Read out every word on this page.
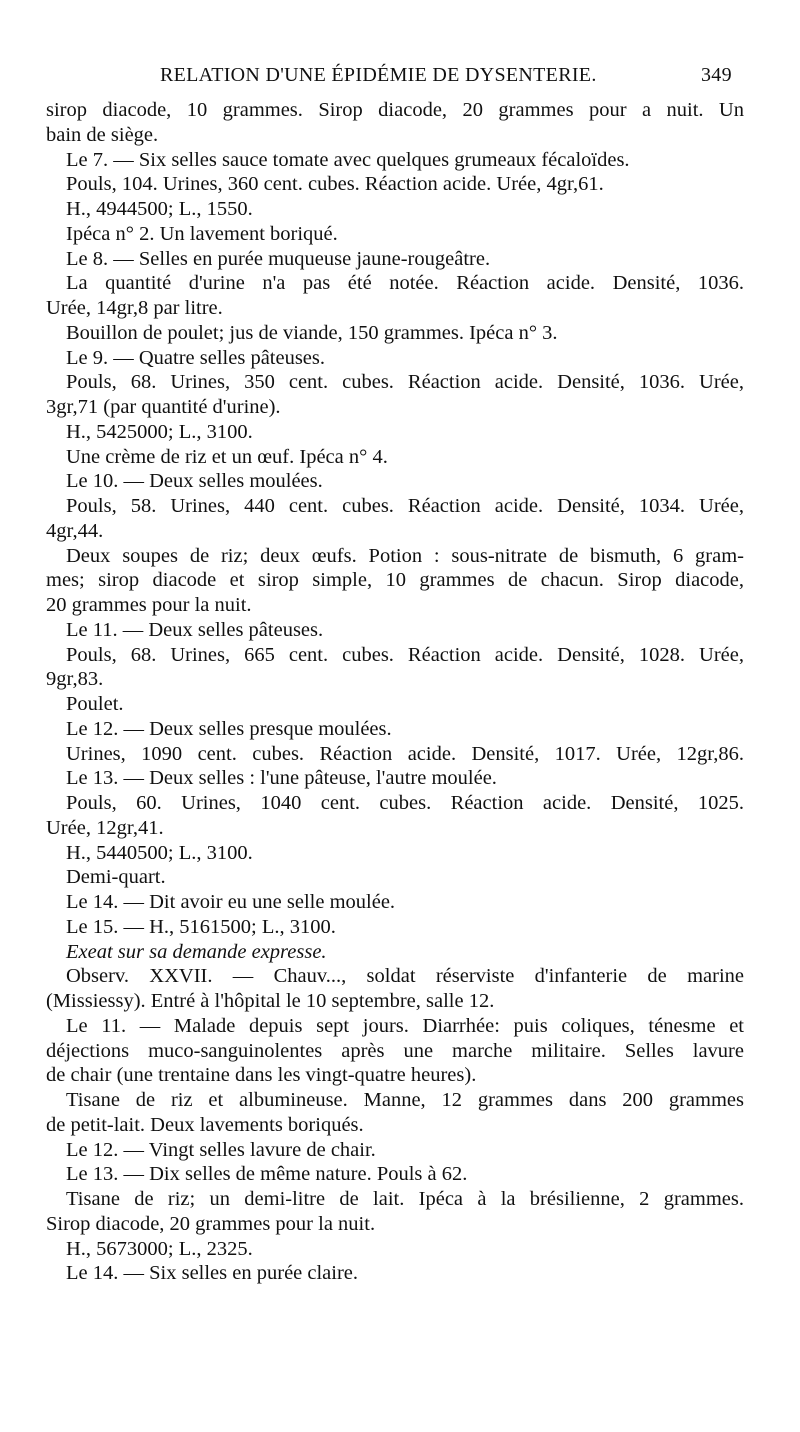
RELATION D'UNE ÉPIDÉMIE DE DYSENTERIE.	349
sirop diacode, 10 grammes. Sirop diacode, 20 grammes pour a nuit. Un
bain de siège.
Le 7. — Six selles sauce tomate avec quelques grumeaux fécaloïdes.
Pouls, 104. Urines, 360 cent. cubes. Réaction acide. Urée, 4gr,61.
H., 4944500; L., 1550.
Ipéca n° 2. Un lavement boriqué.
Le 8. — Selles en purée muqueuse jaune-rougeâtre.
La quantité d'urine n'a pas été notée. Réaction acide. Densité, 1036.
Urée, 14gr,8 par litre.
Bouillon de poulet; jus de viande, 150 grammes. Ipéca n° 3.
Le 9. — Quatre selles pâteuses.
Pouls, 68. Urines, 350 cent. cubes. Réaction acide. Densité, 1036. Urée,
3gr,71 (par quantité d'urine).
H., 5425000; L., 3100.
Une crème de riz et un œuf. Ipéca n° 4.
Le 10. — Deux selles moulées.
Pouls, 58. Urines, 440 cent. cubes. Réaction acide. Densité, 1034. Urée,
4gr,44.
Deux soupes de riz; deux œufs. Potion : sous-nitrate de bismuth, 6 gram-
mes; sirop diacode et sirop simple, 10 grammes de chacun. Sirop diacode,
20 grammes pour la nuit.
Le 11. — Deux selles pâteuses.
Pouls, 68. Urines, 665 cent. cubes. Réaction acide. Densité, 1028. Urée,
9gr,83.
Poulet.
Le 12. — Deux selles presque moulées.
Urines, 1090 cent. cubes. Réaction acide. Densité, 1017. Urée, 12gr,86.
Le 13. — Deux selles : l'une pâteuse, l'autre moulée.
Pouls, 60. Urines, 1040 cent. cubes. Réaction acide. Densité, 1025.
Urée, 12gr,41.
H., 5440500; L., 3100.
Demi-quart.
Le 14. — Dit avoir eu une selle moulée.
Le 15. — H., 5161500; L., 3100.
Exeat sur sa demande expresse.
Observ. XXVII. — Chauv..., soldat réserviste d'infanterie de marine
(Missiessy). Entré à l'hôpital le 10 septembre, salle 12.
Le 11. — Malade depuis sept jours. Diarrhée: puis coliques, ténesme et
déjections muco-sanguinolentes après une marche militaire. Selles lavure
de chair (une trentaine dans les vingt-quatre heures).
Tisane de riz et albumineuse. Manne, 12 grammes dans 200 grammes
de petit-lait. Deux lavements boriqués.
Le 12. — Vingt selles lavure de chair.
Le 13. — Dix selles de même nature. Pouls à 62.
Tisane de riz; un demi-litre de lait. Ipéca à la brésilienne, 2 grammes.
Sirop diacode, 20 grammes pour la nuit.
H., 5673000; L., 2325.
Le 14. — Six selles en purée claire.
